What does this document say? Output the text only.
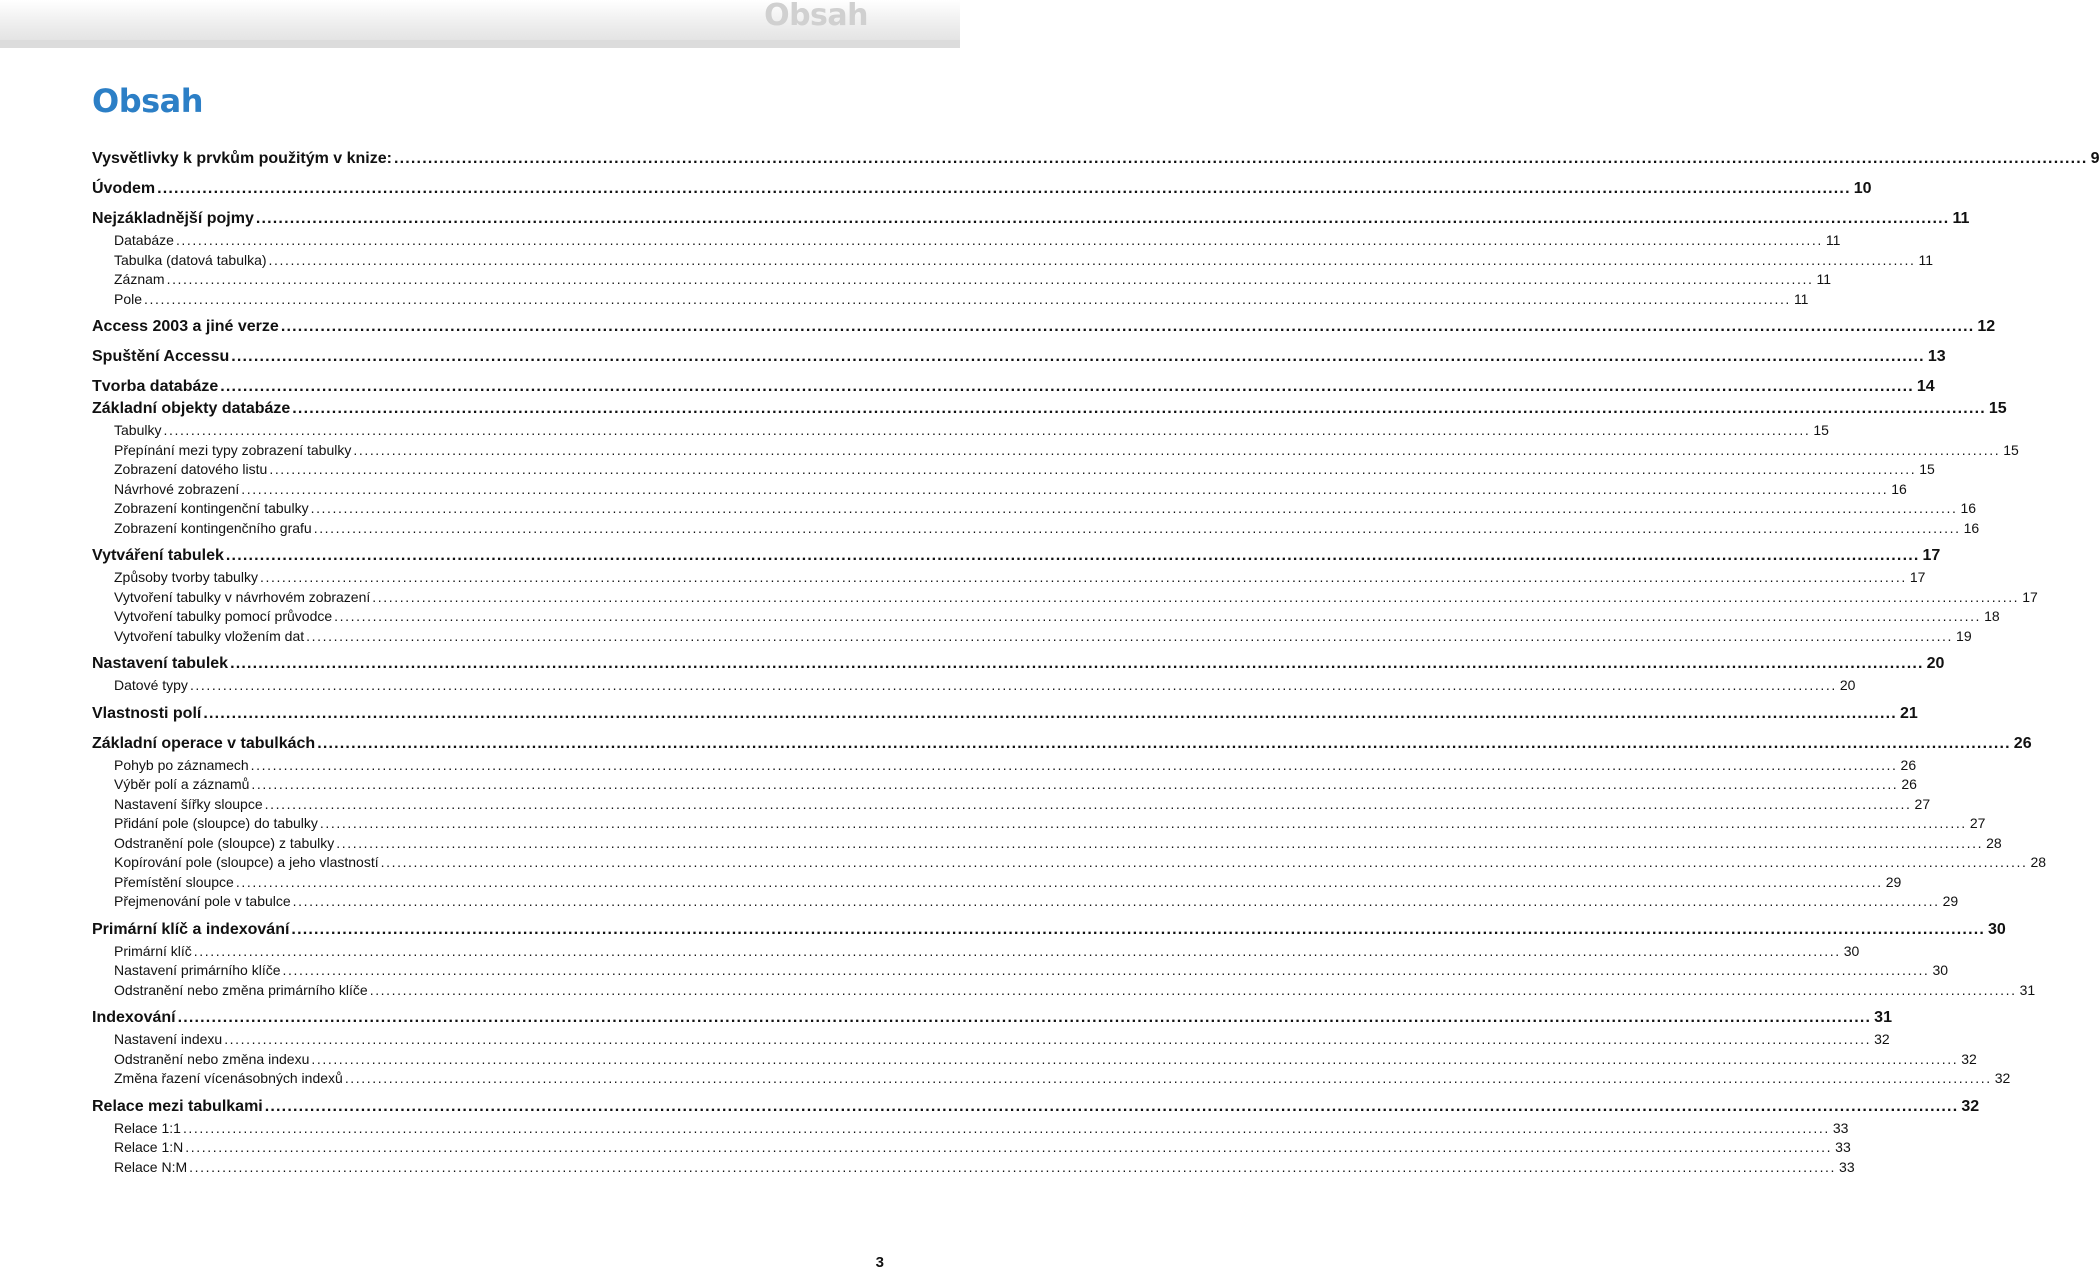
Obsah
Obsah
Vysvětlivky k prvkům použitým v knize: ............................................................................................................................................................................................................................................................................................................ 9
Úvodem ............................................................................................................................................................................................................................................................................................................ 10
Nejzákladnější pojmy ............................................................................................................................................................................................................................................................................................................ 11
Databáze ............................................................................................................................................................................................................................................................................................................ 11
Tabulka (datová tabulka) ............................................................................................................................................................................................................................................................................................................ 11
Záznam ............................................................................................................................................................................................................................................................................................................ 11
Pole ............................................................................................................................................................................................................................................................................................................ 11
Access 2003 a jiné verze ............................................................................................................................................................................................................................................................................................................ 12
Spuštění Accessu ............................................................................................................................................................................................................................................................................................................ 13
Tvorba databáze ............................................................................................................................................................................................................................................................................................................ 14
Základní objekty databáze ............................................................................................................................................................................................................................................................................................................ 15
Tabulky ............................................................................................................................................................................................................................................................................................................ 15
Přepínání mezi typy zobrazení tabulky ............................................................................................................................................................................................................................................................................................................ 15
Zobrazení datového listu ............................................................................................................................................................................................................................................................................................................ 15
Návrhové zobrazení ............................................................................................................................................................................................................................................................................................................ 16
Zobrazení kontingenční tabulky ............................................................................................................................................................................................................................................................................................................ 16
Zobrazení kontingenčního grafu ............................................................................................................................................................................................................................................................................................................ 16
Vytváření tabulek ............................................................................................................................................................................................................................................................................................................ 17
Způsoby tvorby tabulky ............................................................................................................................................................................................................................................................................................................ 17
Vytvoření tabulky v návrhovém zobrazení ............................................................................................................................................................................................................................................................................................................ 17
Vytvoření tabulky pomocí průvodce ............................................................................................................................................................................................................................................................................................................ 18
Vytvoření tabulky vložením dat ............................................................................................................................................................................................................................................................................................................ 19
Nastavení tabulek ............................................................................................................................................................................................................................................................................................................ 20
Datové typy ............................................................................................................................................................................................................................................................................................................ 20
Vlastnosti polí ............................................................................................................................................................................................................................................................................................................ 21
Základní operace v tabulkách ............................................................................................................................................................................................................................................................................................................ 26
Pohyb po záznamech ............................................................................................................................................................................................................................................................................................................ 26
Výběr polí a záznamů ............................................................................................................................................................................................................................................................................................................ 26
Nastavení šířky sloupce ............................................................................................................................................................................................................................................................................................................ 27
Přidání pole (sloupce) do tabulky ............................................................................................................................................................................................................................................................................................................ 27
Odstranění pole (sloupce) z tabulky ............................................................................................................................................................................................................................................................................................................ 28
Kopírování pole (sloupce) a jeho vlastností ............................................................................................................................................................................................................................................................................................................ 28
Přemístění sloupce ............................................................................................................................................................................................................................................................................................................ 29
Přejmenování pole v tabulce ............................................................................................................................................................................................................................................................................................................ 29
Primární klíč a indexování ............................................................................................................................................................................................................................................................................................................ 30
Primární klíč ............................................................................................................................................................................................................................................................................................................ 30
Nastavení primárního klíče ............................................................................................................................................................................................................................................................................................................ 30
Odstranění nebo změna primárního klíče ............................................................................................................................................................................................................................................................................................................ 31
Indexování ............................................................................................................................................................................................................................................................................................................ 31
Nastavení indexu ............................................................................................................................................................................................................................................................................................................ 32
Odstranění nebo změna indexu ............................................................................................................................................................................................................................................................................................................ 32
Změna řazení vícenásobných indexů ............................................................................................................................................................................................................................................................................................................ 32
Relace mezi tabulkami ............................................................................................................................................................................................................................................................................................................ 32
Relace 1:1 ............................................................................................................................................................................................................................................................................................................ 33
Relace 1:N ............................................................................................................................................................................................................................................................................................................ 33
Relace N:M ............................................................................................................................................................................................................................................................................................................ 33
3
